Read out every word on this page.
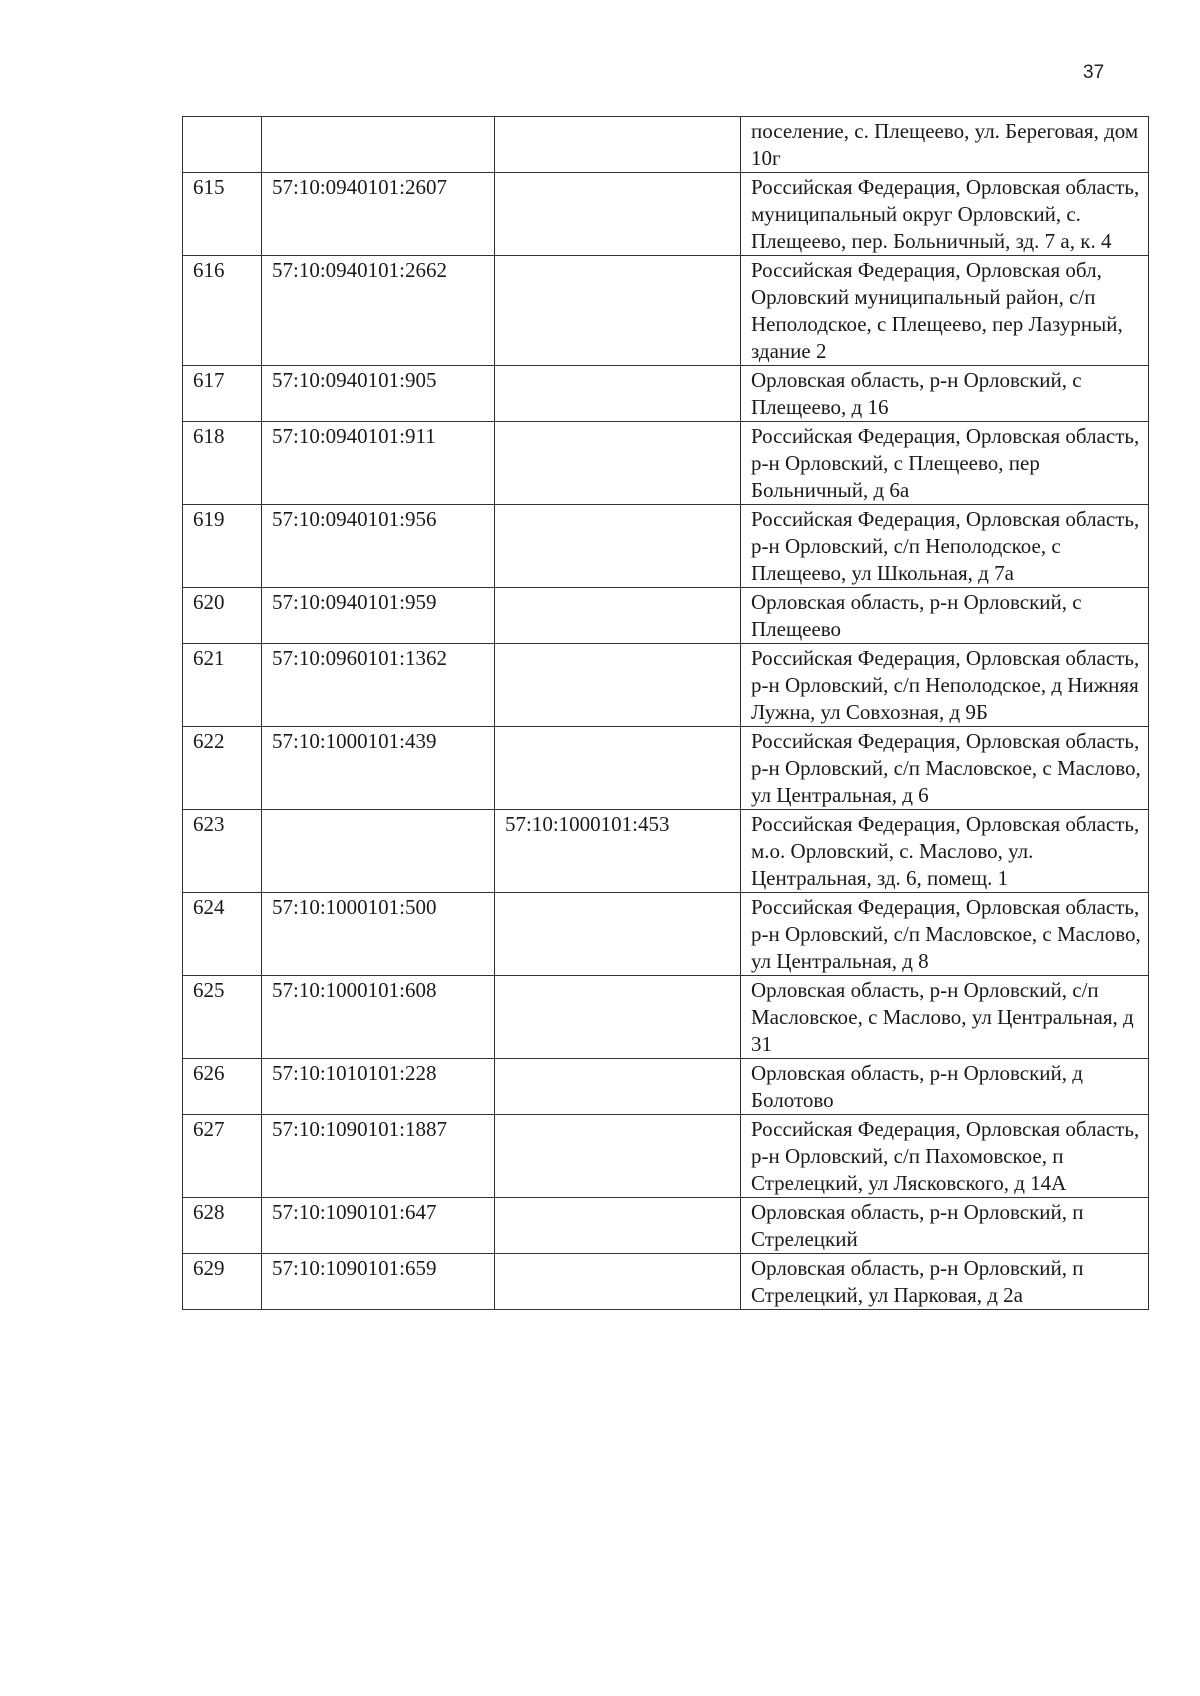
37
			поселение, с. Плещеево, ул. Береговая, дом 10г
615	57:10:0940101:2607		Российская Федерация, Орловская область, муниципальный округ Орловский, с. Плещеево, пер. Больничный, зд. 7 а, к. 4
616	57:10:0940101:2662		Российская Федерация, Орловская обл, Орловский муниципальный район, с/п Неполодское, с Плещеево, пер Лазурный, здание 2
617	57:10:0940101:905		Орловская область, р-н Орловский, с Плещеево, д 16
618	57:10:0940101:911		Российская Федерация, Орловская область, р-н Орловский, с Плещеево, пер Больничный, д 6а
619	57:10:0940101:956		Российская Федерация, Орловская область, р-н Орловский, с/п Неполодское, с Плещеево, ул Школьная, д 7а
620	57:10:0940101:959		Орловская область, р-н Орловский, с Плещеево
621	57:10:0960101:1362		Российская Федерация, Орловская область, р-н Орловский, с/п Неполодское, д Нижняя Лужна, ул Совхозная, д 9Б
622	57:10:1000101:439		Российская Федерация, Орловская область, р-н Орловский, с/п Масловское, с Маслово, ул Центральная, д 6
623		57:10:1000101:453	Российская Федерация, Орловская область, м.о. Орловский, с. Маслово, ул. Центральная, зд. 6, помещ. 1
624	57:10:1000101:500		Российская Федерация, Орловская область, р-н Орловский, с/п Масловское, с Маслово, ул Центральная, д 8
625	57:10:1000101:608		Орловская область, р-н Орловский, с/п Масловское, с Маслово, ул Центральная, д 31
626	57:10:1010101:228		Орловская область, р-н Орловский, д Болотово
627	57:10:1090101:1887		Российская Федерация, Орловская область, р-н Орловский, с/п Пахомовское, п Стрелецкий, ул Лясковского, д 14А
628	57:10:1090101:647		Орловская область, р-н Орловский, п Стрелецкий
629	57:10:1090101:659		Орловская область, р-н Орловский, п Стрелецкий, ул Парковая, д 2а
